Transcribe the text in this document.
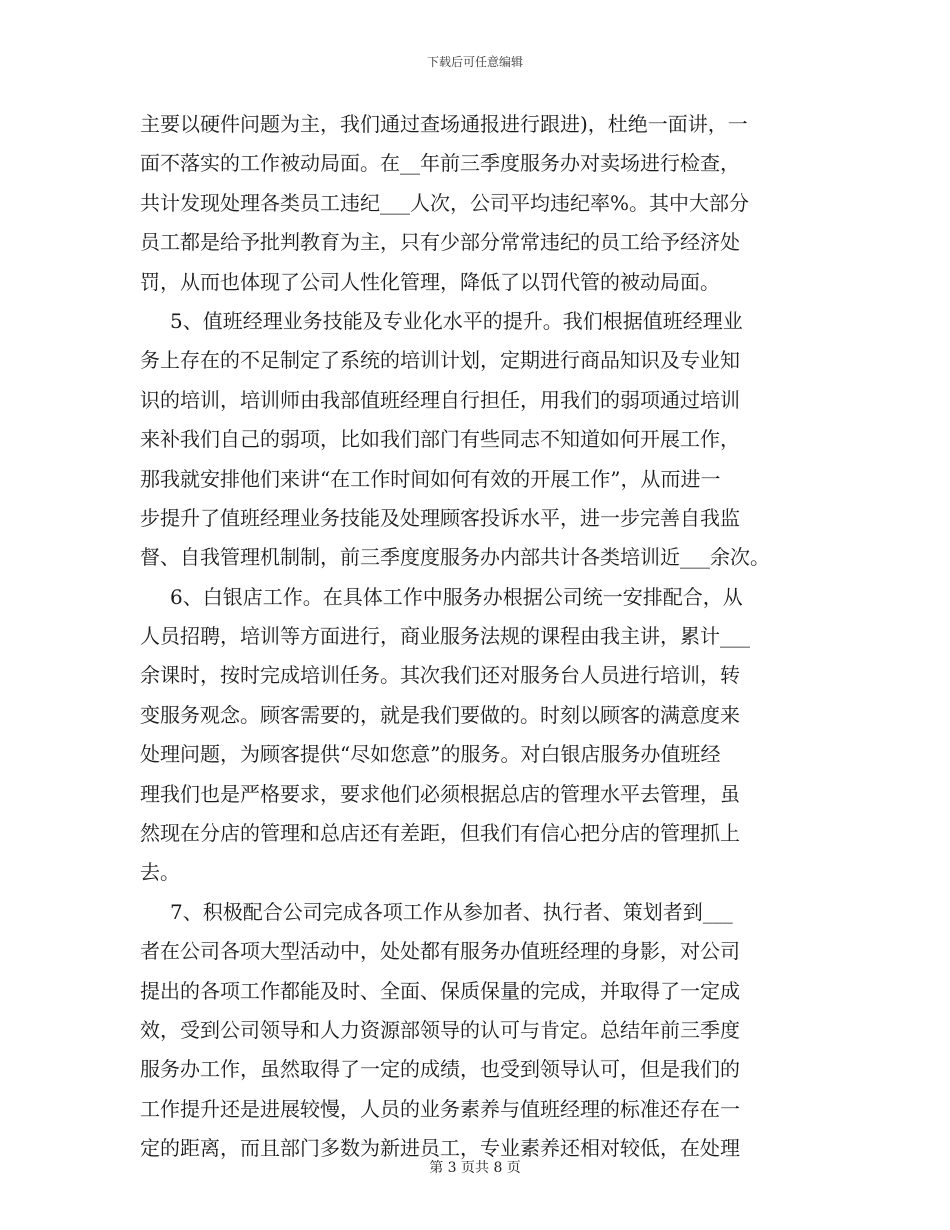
下载后可任意编辑
主要以硬件问题为主，我们通过查场通报进行跟进)，杜绝一面讲，一
面不落实的工作被动局面。在__年前三季度服务办对卖场进行检查，
共计发现处理各类员工违纪___人次，公司平均违纪率%。其中大部分
员工都是给予批判教育为主，只有少部分常常违纪的员工给予经济处
罚，从而也体现了公司人性化管理，降低了以罚代管的被动局面。
5、值班经理业务技能及专业化水平的提升。我们根据值班经理业
务上存在的不足制定了系统的培训计划，定期进行商品知识及专业知
识的培训，培训师由我部值班经理自行担任，用我们的弱项通过培训
来补我们自己的弱项，比如我们部门有些同志不知道如何开展工作，
那我就安排他们来讲“在工作时间如何有效的开展工作”，从而进一
步提升了值班经理业务技能及处理顾客投诉水平，进一步完善自我监
督、自我管理机制制，前三季度度服务办内部共计各类培训近___余次。
6、白银店工作。在具体工作中服务办根据公司统一安排配合，从
人员招聘，培训等方面进行，商业服务法规的课程由我主讲，累计___
余课时，按时完成培训任务。其次我们还对服务台人员进行培训，转
变服务观念。顾客需要的，就是我们要做的。时刻以顾客的满意度来
处理问题，为顾客提供“尽如您意”的服务。对白银店服务办值班经
理我们也是严格要求，要求他们必须根据总店的管理水平去管理，虽
然现在分店的管理和总店还有差距，但我们有信心把分店的管理抓上
去。
7、积极配合公司完成各项工作从参加者、执行者、策划者到___
者在公司各项大型活动中，处处都有服务办值班经理的身影，对公司
提出的各项工作都能及时、全面、保质保量的完成，并取得了一定成
效，受到公司领导和人力资源部领导的认可与肯定。总结年前三季度
服务办工作，虽然取得了一定的成绩，也受到领导认可，但是我们的
工作提升还是进展较慢，人员的业务素养与值班经理的标准还存在一
定的距离，而且部门多数为新进员工，专业素养还相对较低，在处理
第 3 页共 8 页
